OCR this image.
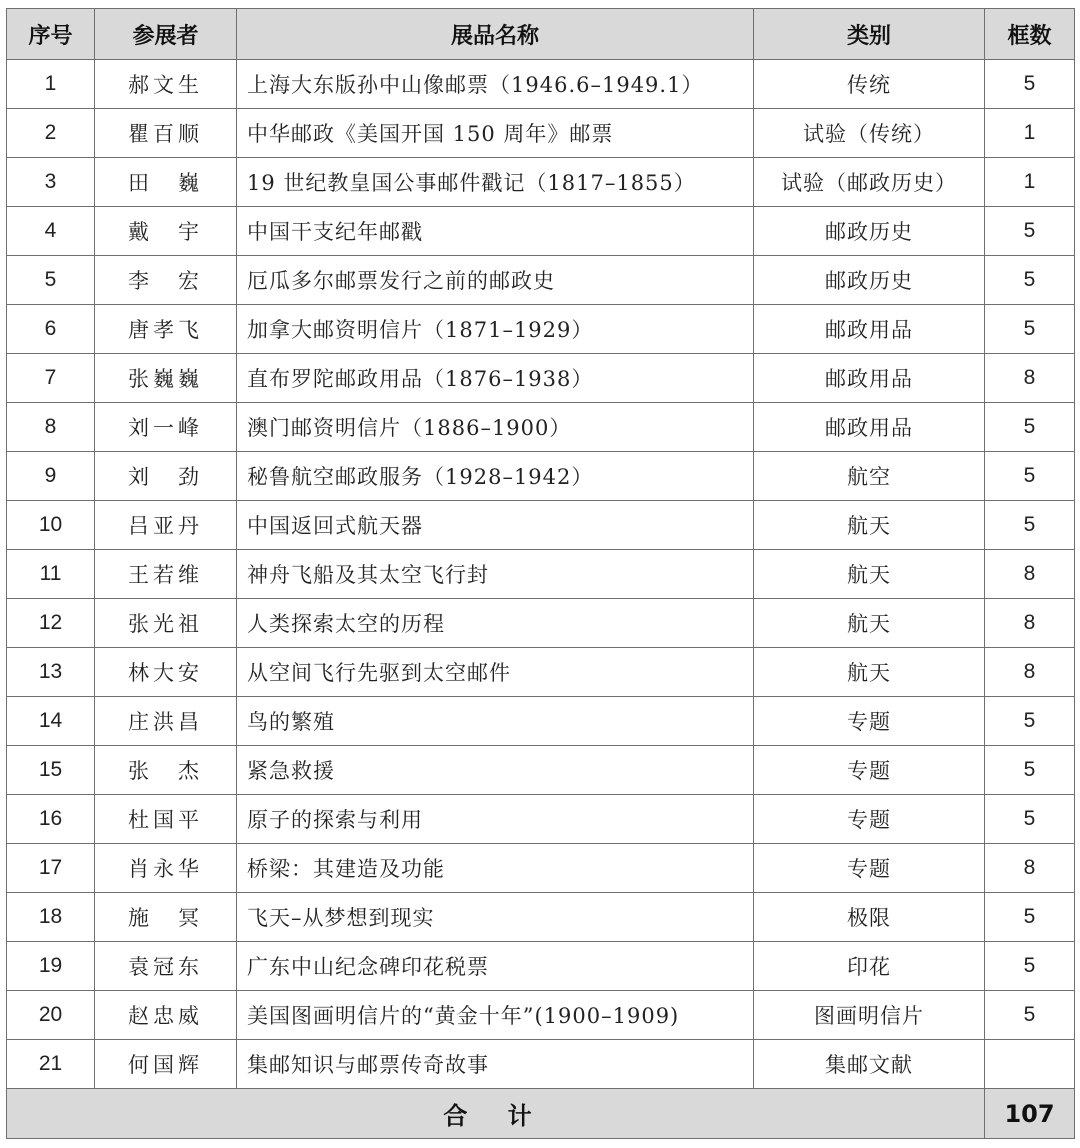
序号	参展者	展品名称	类别	框数
1	郝文生	上海大东版孙中山像邮票（1946.6–1949.1）	传统	5
2	瞿百顺	中华邮政《美国开国 150 周年》邮票	试验（传统）	1
3	田　巍	19 世纪教皇国公事邮件戳记（1817–1855）	试验（邮政历史）	1
4	戴　宇	中国干支纪年邮戳	邮政历史	5
5	李　宏	厄瓜多尔邮票发行之前的邮政史	邮政历史	5
6	唐孝飞	加拿大邮资明信片（1871–1929）	邮政用品	5
7	张巍巍	直布罗陀邮政用品（1876–1938）	邮政用品	8
8	刘一峰	澳门邮资明信片（1886–1900）	邮政用品	5
9	刘　劲	秘鲁航空邮政服务（1928–1942）	航空	5
10	吕亚丹	中国返回式航天器	航天	5
11	王若维	神舟飞船及其太空飞行封	航天	8
12	张光祖	人类探索太空的历程	航天	8
13	林大安	从空间飞行先驱到太空邮件	航天	8
14	庄洪昌	鸟的繁殖	专题	5
15	张　杰	紧急救援	专题	5
16	杜国平	原子的探索与利用	专题	5
17	肖永华	桥梁：其建造及功能	专题	8
18	施　冥	飞天–从梦想到现实	极限	5
19	袁冠东	广东中山纪念碑印花税票	印花	5
20	赵忠威	美国图画明信片的“黄金十年”(1900–1909)	图画明信片	5
21	何国辉	集邮知识与邮票传奇故事	集邮文献	
合 计				107
